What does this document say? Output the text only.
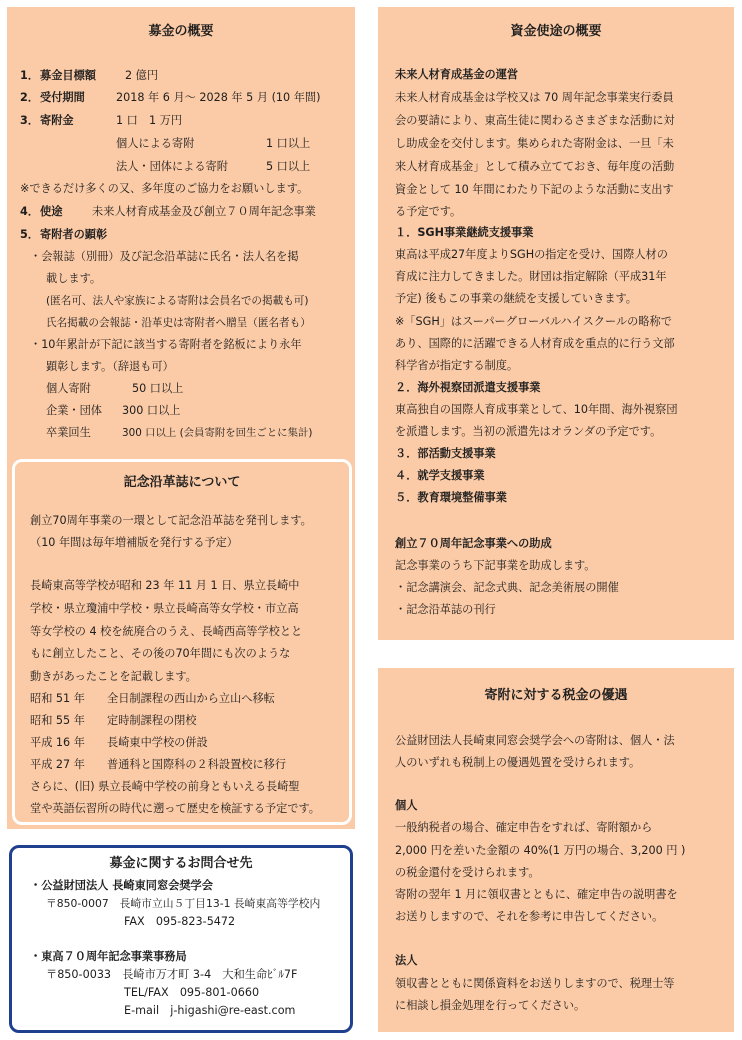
募金の概要
1． 募金目標額	2 億円
2． 受付期間	2018 年 6 月～ 2028 年 5 月 (10 年間)
3． 寄附金	1 口　1 万円
個人による寄附	1 口以上
法人・団体による寄附	5 口以上
※できるだけ多くの又、多年度のご協力をお願いします。
4． 使途	未来人材育成基金及び創立７０周年記念事業
5． 寄附者の顕彰
・会報誌（別冊）及び記念沿革誌に氏名・法人名を掲
載します。
(匿名可、法人や家族による寄附は会員名での掲載も可)
氏名掲載の会報誌・沿革史は寄附者へ贈呈（匿名者も）
・10年累計が下記に該当する寄附者を銘板により永年
顕彰します。（辞退も可）
個人寄附	50 口以上
企業・団体 300 口以上
卒業回生	300 口以上 (会員寄附を回生ごとに集計)
記念沿革誌について
創立70周年事業の一環として記念沿革誌を発刊します。
（10 年間は毎年増補版を発行する予定）
長崎東高等学校が昭和 23 年 11 月 1 日、県立長崎中
学校・県立瓊浦中学校・県立長崎高等女学校・市立高
等女学校の 4 校を統廃合のうえ、長崎西高等学校とと
もに創立したこと、その後の70年間にも次のような
動きがあったことを記載します。
昭和 51 年 全日制課程の西山から立山へ移転
昭和 55 年 定時制課程の閉校
平成 16 年 長崎東中学校の併設
平成 27 年 普通科と国際科の２科設置校に移行
さらに、(旧) 県立長崎中学校の前身ともいえる長崎聖
堂や英語伝習所の時代に遡って歴史を検証する予定です。
募金に関するお問合せ先
・公益財団法人 長崎東同窓会奨学会
〒850-0007　長崎市立山５丁目13-1 長崎東高等学校内
FAX　095-823-5472
・東高７０周年記念事業事務局
〒850-0033　長崎市万才町 3-4　大和生命ﾋﾞﾙ7F
TEL/FAX　095-801-0660
E-mail　j-higashi@re-east.com
資金使途の概要
未来人材育成基金の運営
未来人材育成基金は学校又は 70 周年記念事業実行委員
会の要請により、東高生徒に関わるさまざまな活動に対
し助成金を交付します。集められた寄附金は、一旦「未
来人材育成基金」として積み立てておき、毎年度の活動
資金として 10 年間にわたり下記のような活動に支出す
る予定です。
１．SGH事業継続支援事業
東高は平成27年度よりSGHの指定を受け、国際人材の
育成に注力してきました。財団は指定解除（平成31年
予定) 後もこの事業の継続を支援していきます。
※「SGH」はスーパーグローバルハイスクールの略称で
あり、国際的に活躍できる人材育成を重点的に行う文部
科学省が指定する制度。
２．海外視察団派遣支援事業
東高独自の国際人育成事業として、10年間、海外視察団
を派遣します。当初の派遣先はオランダの予定です。
３．部活動支援事業
４．就学支援事業
５．教育環境整備事業
創立７０周年記念事業への助成
記念事業のうち下記事業を助成します。
・記念講演会、記念式典、記念美術展の開催
・記念沿革誌の刊行
寄附に対する税金の優遇
公益財団法人長崎東同窓会奨学会への寄附は、個人・法
人のいずれも税制上の優遇処置を受けられます。
個人
一般納税者の場合、確定申告をすれば、寄附額から
2,000 円を差いた金額の 40%(1 万円の場合、3,200 円 )
の税金還付を受けられます。
寄附の翌年 1 月に領収書とともに、確定申告の説明書を
お送りしますので、それを参考に申告してください。
法人
領収書とともに関係資料をお送りしますので、税理士等
に相談し損金処理を行ってください。
